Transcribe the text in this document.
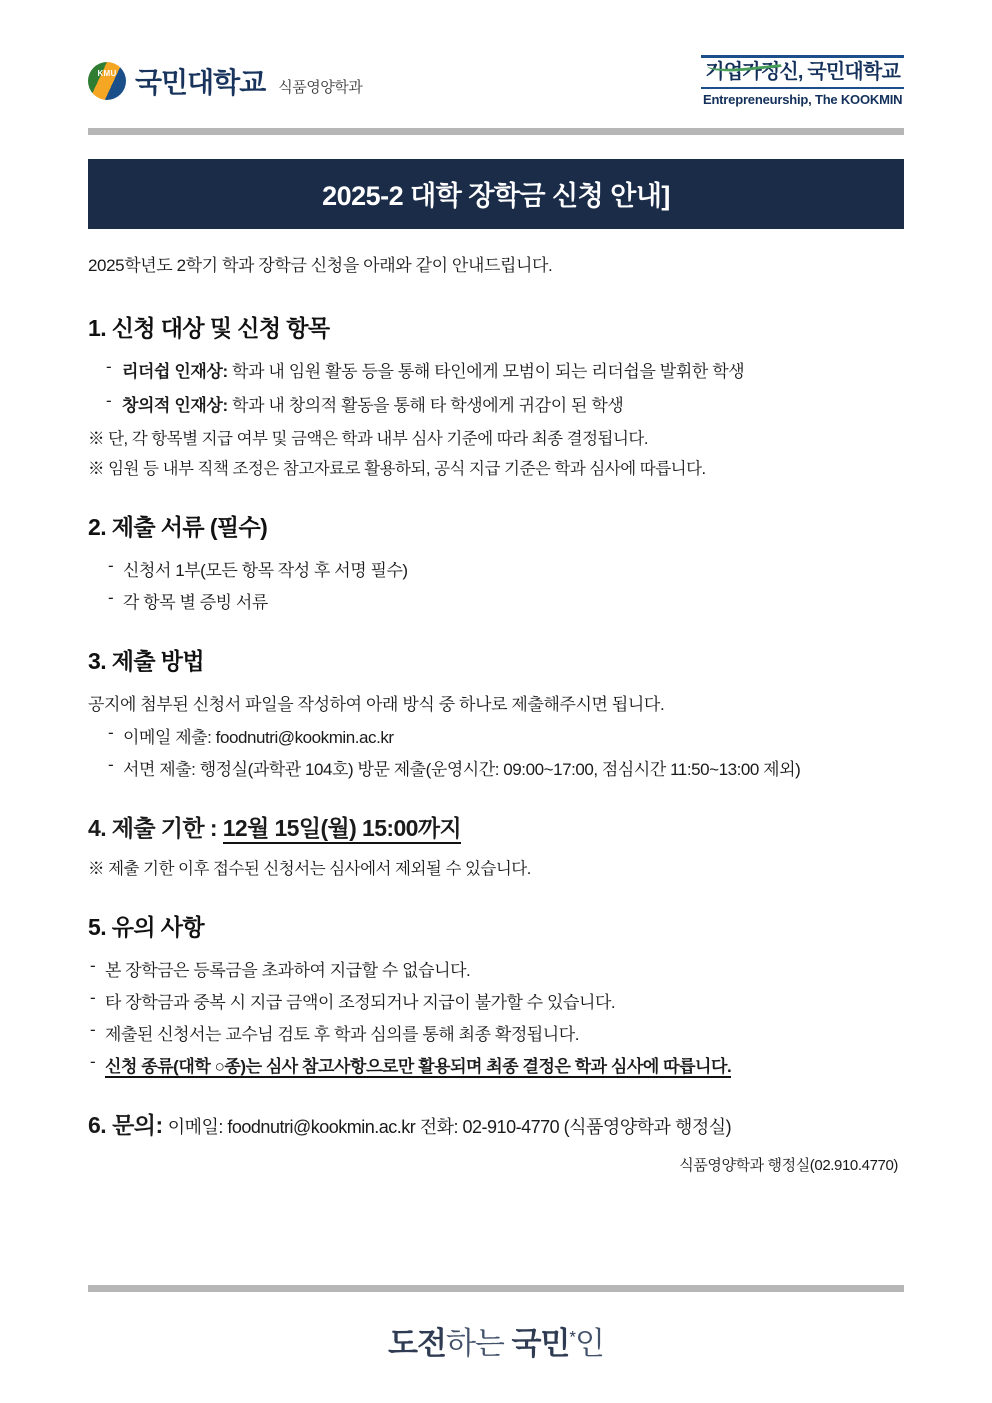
KMU
국민대학교 식품영양학과
기업가정신, 국민대학교
Entrepreneurship, The KOOKMIN
2025-2 대학 장학금 신청 안내]

2025학년도 2학기 학과 장학금 신청을 아래와 같이 안내드립니다.

1. 신청 대상 및 신청 항목
- 리더쉽 인재상: 학과 내 임원 활동 등을 통해 타인에게 모범이 되는 리더쉽을 발휘한 학생
- 창의적 인재상: 학과 내 창의적 활동을 통해 타 학생에게 귀감이 된 학생

※ 단, 각 항목별 지급 여부 및 금액은 학과 내부 심사 기준에 따라 최종 결정됩니다.

※ 임원 등 내부 직책 조정은 참고자료로 활용하되, 공식 지급 기준은 학과 심사에 따릅니다.

2. 제출 서류 (필수)
- 신청서 1부(모든 항목 작성 후 서명 필수)
- 각 항목 별 증빙 서류
3. 제출 방법

공지에 첨부된 신청서 파일을 작성하여 아래 방식 중 하나로 제출해주시면 됩니다.

- 이메일 제출: foodnutri@kookmin.ac.kr
- 서면 제출: 행정실(과학관 104호) 방문 제출(운영시간: 09:00~17:00, 점심시간 11:50~13:00 제외)
4. 제출 기한 : 12월 15일(월) 15:00까지

※ 제출 기한 이후 접수된 신청서는 심사에서 제외될 수 있습니다.

5. 유의 사항
- 본 장학금은 등록금을 초과하여 지급할 수 없습니다.
- 타 장학금과 중복 시 지급 금액이 조정되거나 지급이 불가할 수 있습니다.
- 제출된 신청서는 교수님 검토 후 학과 심의를 통해 최종 확정됩니다.
- 신청 종류(대학 ○종)는 심사 참고사항으로만 활용되며 최종 결정은 학과 심사에 따릅니다.

6. 문의: 이메일: foodnutri@kookmin.ac.kr 전화: 02-910-4770 (식품영양학과 행정실)

식품영양학과 행정실(02.910.4770)

도전하는 국민*인
